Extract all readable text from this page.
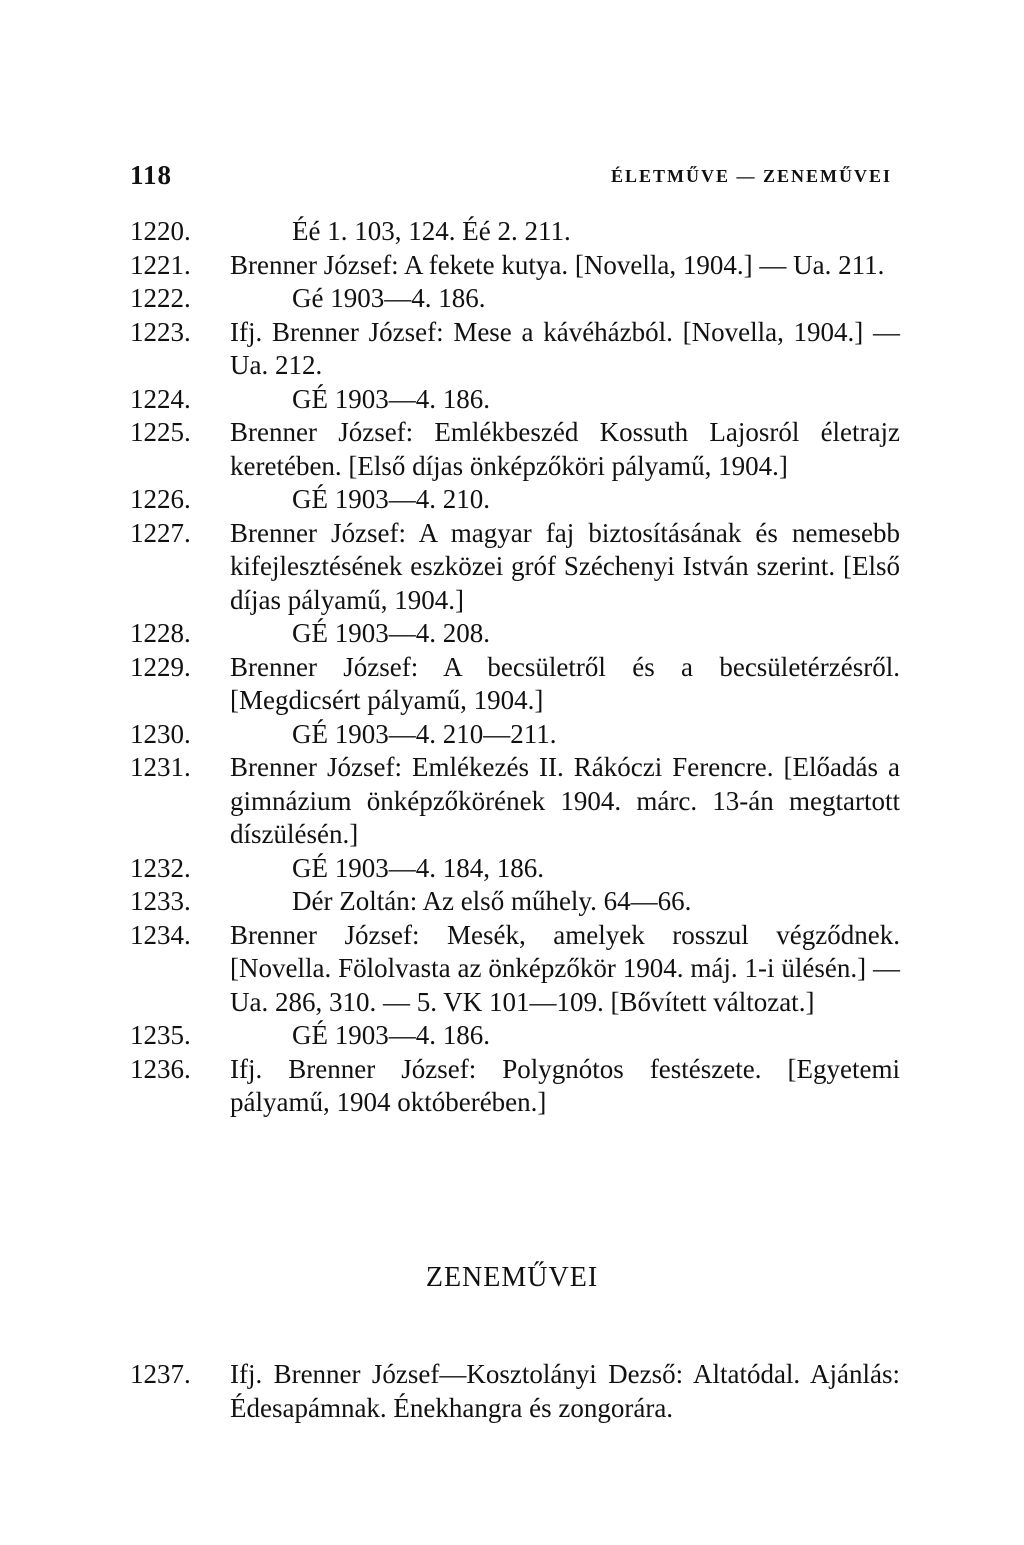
118	ÉLETMŰVE — ZENEMŰVEI
1220.	Éé 1. 103, 124. Éé 2. 211.
1221.	Brenner József: A fekete kutya. [Novella, 1904.] — Ua. 211.
1222.	Gé 1903—4. 186.
1223.	Ifj. Brenner József: Mese a kávéházból. [Novella, 1904.] — Ua. 212.
1224.	GÉ 1903—4. 186.
1225.	Brenner József: Emlékbeszéd Kossuth Lajosról életrajz keretében. [Első díjas önképzőköri pályamű, 1904.]
1226.	GÉ 1903—4. 210.
1227.	Brenner József: A magyar faj biztosításának és nemesebb kifejlesztésének eszközei gróf Széchenyi István szerint. [Első díjas pályamű, 1904.]
1228.	GÉ 1903—4. 208.
1229.	Brenner József: A becsületről és a becsületérzésről. [Megdicsért pályamű, 1904.]
1230.	GÉ 1903—4. 210—211.
1231.	Brenner József: Emlékezés II. Rákóczi Ferencre. [Előadás a gimnázium önképzőkörének 1904. márc. 13-án megtartott díszülésén.]
1232.	GÉ 1903—4. 184, 186.
1233.	Dér Zoltán: Az első műhely. 64—66.
1234.	Brenner József: Mesék, amelyek rosszul végződnek. [Novella. Fölolvasta az önképzőkör 1904. máj. 1-i ülésén.] — Ua. 286, 310. — 5. VK 101—109. [Bővített változat.]
1235.	GÉ 1903—4. 186.
1236.	Ifj. Brenner József: Polygnótos festészete. [Egyetemi pályamű, 1904 októberében.]
ZENEMŰVEI
1237.	Ifj. Brenner József—Kosztolányi Dezső: Altatódal. Ajánlás: Édesapámnak. Énekhangra és zongorára.
